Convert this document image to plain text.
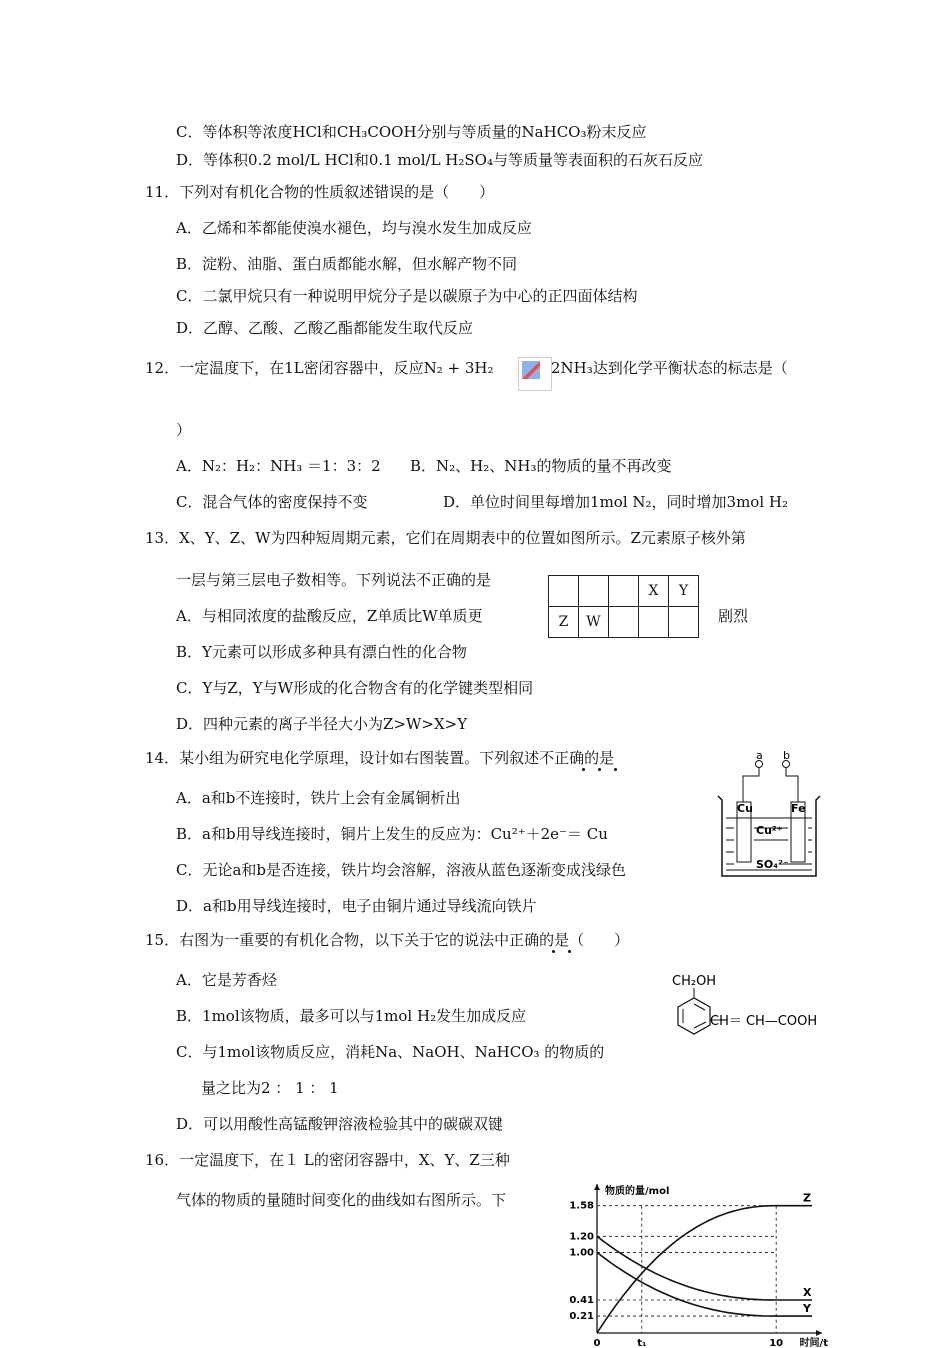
C．等体积等浓度HCl和CH₃COOH分别与等质量的NaHCO₃粉末反应
D．等体积0.2 mol/L HCl和0.1 mol/L H₂SO₄与等质量等表面积的石灰石反应
11．下列对有机化合物的性质叙述错误的是（　　）
A．乙烯和苯都能使溴水褪色，均与溴水发生加成反应
B．淀粉、油脂、蛋白质都能水解，但水解产物不同
C．二氯甲烷只有一种说明甲烷分子是以碳原子为中心的正四面体结构
D．乙醇、乙酸、乙酸乙酯都能发生取代反应
12．一定温度下，在1L密闭容器中，反应N₂ + 3H₂	2NH₃达到化学平衡状态的标志是（
）
A．N₂：H₂：NH₃ ＝1：3：2 B．N₂、H₂、NH₃的物质的量不再改变
C．混合气体的密度保持不变	D．单位时间里每增加1mol N₂，同时增加3mol H₂
13．X、Y、Z、W为四种短周期元素，它们在周期表中的位置如图所示。Z元素原子核外第
一层与第三层电子数相等。下列说法不正确的是
A．与相同浓度的盐酸反应，Z单质比W单质更	剧烈
			X	Y
Z	W			
B．Y元素可以形成多种具有漂白性的化合物
C．Y与Z，Y与W形成的化合物含有的化学键类型相同
D．四种元素的离子半径大小为Z>W>X>Y
14．某小组为研究电化学原理，设计如右图装置。下列叙述不正确的是
A．a和b不连接时，铁片上会有金属铜析出
B．a和b用导线连接时，铜片上发生的反应为：Cu²⁺＋2e⁻＝ Cu
C．无论a和b是否连接，铁片均会溶解，溶液从蓝色逐渐变成浅绿色
D．a和b用导线连接时，电子由铜片通过导线流向铁片
a b
Cu	Fe
Cu²⁺
SO₄²⁻
15．右图为一重要的有机化合物，以下关于它的说法中正确的是（　　）
A．它是芳香烃
B．1mol该物质，最多可以与1mol H₂发生加成反应
C．与1mol该物质反应，消耗Na、NaOH、NaHCO₃ 的物质的
量之比为2 ： 1 ： 1
D．可以用酸性高锰酸钾溶液检验其中的碳碳双键
CH₂OH
CH＝ CH—COOH
16．一定温度下，在１ L的密闭容器中，X、Y、Z三种
气体的物质的量随时间变化的曲线如右图所示。下
0.21
0.41
1.00
1.20
1.58
0	t₁	10
物质的量/mol
时间/t
Z
X
Y
